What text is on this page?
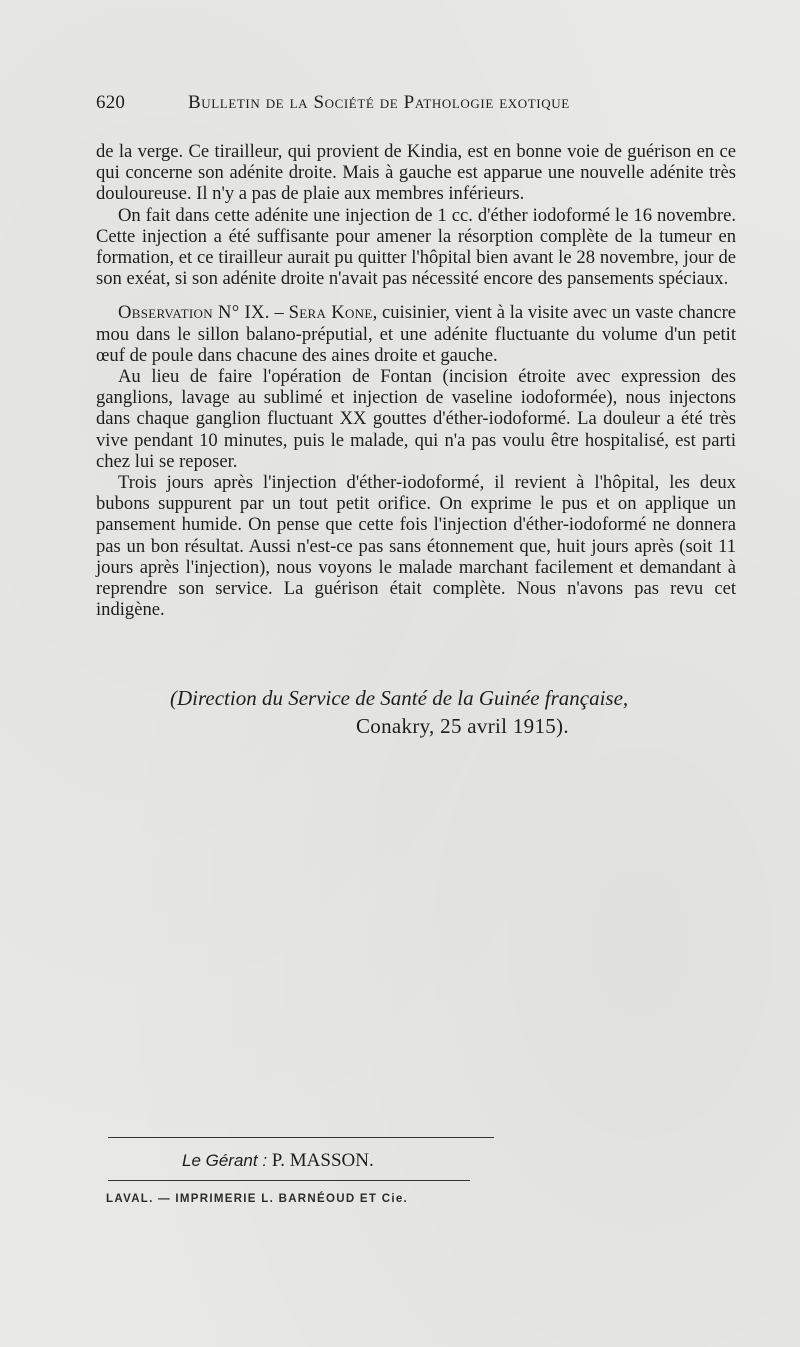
620	Bulletin de la Société de Pathologie exotique

de la verge. Ce tirailleur, qui provient de Kindia, est en bonne voie de guérison en ce qui concerne son adénite droite. Mais à gauche est apparue une nouvelle adénite très douloureuse. Il n'y a pas de plaie aux membres inférieurs.

On fait dans cette adénite une injection de 1 cc. d'éther iodoformé le 16 novembre. Cette injection a été suffisante pour amener la résorption complète de la tumeur en formation, et ce tirailleur aurait pu quitter l'hôpital bien avant le 28 novembre, jour de son exéat, si son adénite droite n'avait pas nécessité encore des pansements spéciaux.

Observation N° IX. – Sera Kone, cuisinier, vient à la visite avec un vaste chancre mou dans le sillon balano-préputial, et une adénite fluctuante du volume d'un petit œuf de poule dans chacune des aines droite et gauche.

Au lieu de faire l'opération de Fontan (incision étroite avec expression des ganglions, lavage au sublimé et injection de vaseline iodoformée), nous injectons dans chaque ganglion fluctuant XX gouttes d'éther-iodoformé. La douleur a été très vive pendant 10 minutes, puis le malade, qui n'a pas voulu être hospitalisé, est parti chez lui se reposer.

Trois jours après l'injection d'éther-iodoformé, il revient à l'hôpital, les deux bubons suppurent par un tout petit orifice. On exprime le pus et on applique un pansement humide. On pense que cette fois l'injection d'éther-iodoformé ne donnera pas un bon résultat. Aussi n'est-ce pas sans étonnement que, huit jours après (soit 11 jours après l'injection), nous voyons le malade marchant facilement et demandant à reprendre son service. La guérison était complète. Nous n'avons pas revu cet indigène.

(Direction du Service de Santé de la Guinée française,
Conakry, 25 avril 1915).
Le Gérant : P. MASSON.
LAVAL. — IMPRIMERIE L. BARNÉOUD ET Cie.
